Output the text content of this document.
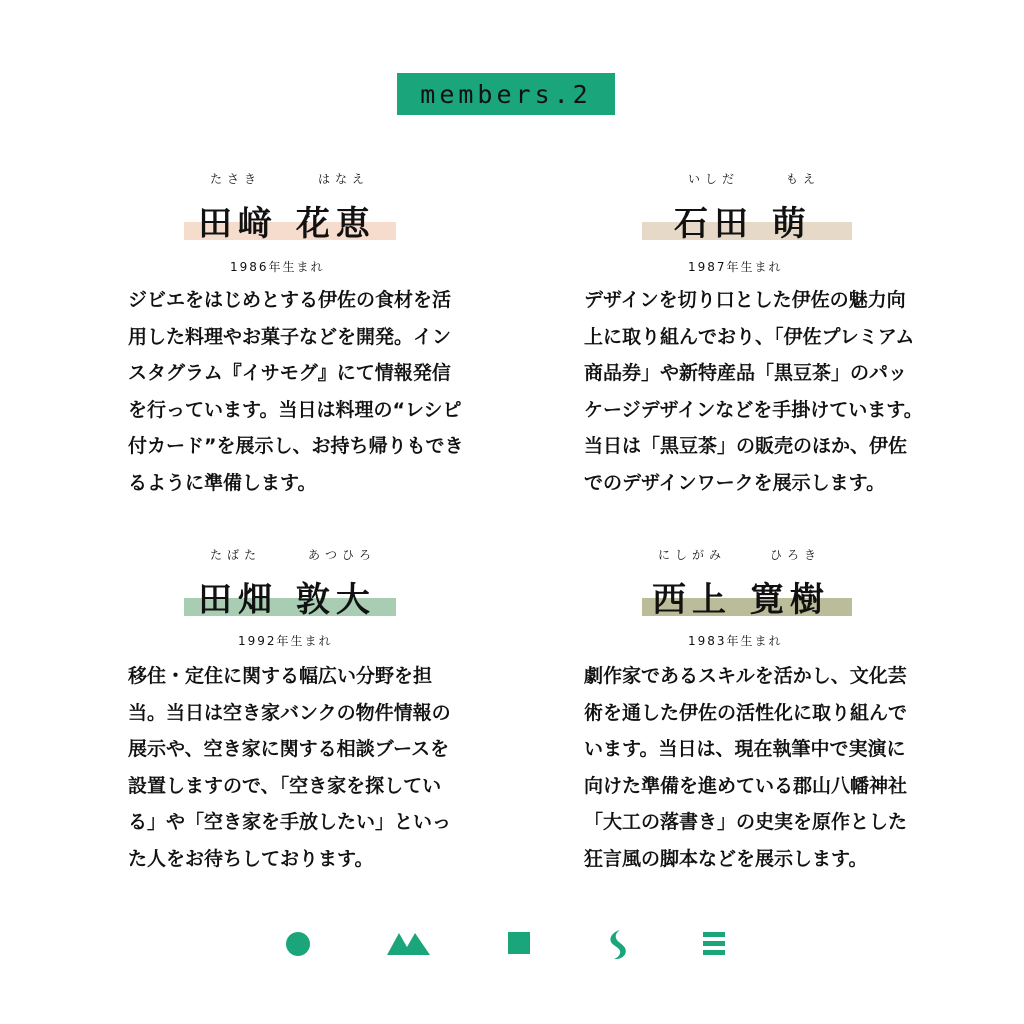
members.2
たさき	はなえ
田﨑 花恵
1986年生まれ

ジビエをはじめとする伊佐の食材を活用した料理やお菓子などを開発。インスタグラム『イサモグ』にて情報発信を行っています。当日は料理の“レシピ付カード”を展示し、お持ち帰りもできるように準備します。

いしだ	もえ
石田 萌
1987年生まれ

デザインを切り口とした伊佐の魅力向上に取り組んでおり、「伊佐プレミアム商品券」や新特産品「黒豆茶」のパッケージデザインなどを手掛けています。当日は「黒豆茶」の販売のほか、伊佐でのデザインワークを展示します。

たばた	あつひろ
田畑 敦大
1992年生まれ

移住・定住に関する幅広い分野を担当。当日は空き家バンクの物件情報の展示や、空き家に関する相談ブースを設置しますので、「空き家を探している」や「空き家を手放したい」といった人をお待ちしております。

にしがみ	ひろき
西上 寛樹
1983年生まれ

劇作家であるスキルを活かし、文化芸術を通した伊佐の活性化に取り組んでいます。当日は、現在執筆中で実演に向けた準備を進めている郡山八幡神社「大工の落書き」の史実を原作とした狂言風の脚本などを展示します。
